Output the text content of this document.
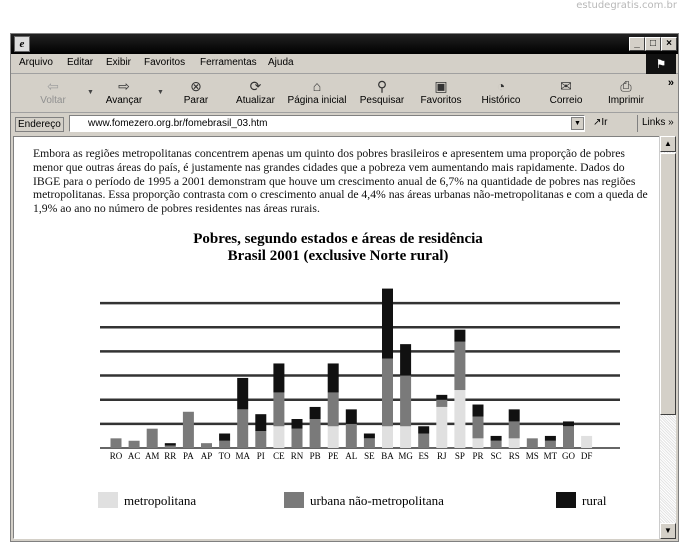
estudegratis.com.br
e	_	□	×
Arquivo Editar Exibir Favoritos Ferramentas Ajuda	⚑
⇦
Voltar
▼	⇨
Avançar
▼	⊗
Parar
⟳
Atualizar
⌂
Página inicial
⚲
Pesquisar
▣
Favoritos
◔
Histórico
✉
Correio
⎙
Imprimir
»
Endereço	www.fomezero.org.br/fomebrasil_03.htm	▼	↗Ir	Links »
Embora as regiões metropolitanas concentrem apenas um quinto dos pobres brasileiros e apresentem uma proporção de pobres menor que outras áreas do país, é justamente nas grandes cidades que a pobreza vem aumentando mais rapidamente. Dados do IBGE para o período de 1995 a 2001 demonstram que houve um crescimento anual de 6,7% na quantidade de pobres nas regiões metropolitanas. Essa proporção contrasta com o crescimento anual de 4,4% nas áreas urbanas não-metropolitanas e com a queda de 1,9% ao ano no número de pobres residentes nas áreas rurais.
Pobres, segundo estados e áreas de residência
Brasil 2001 (exclusive Norte rural)
RO AC AM RR PA AP TO MA PI CE RN PB PE AL SE BA MG ES RJ SP PR SC RS MS MT GO DF
metropolitana	urbana não-metropolitana	rural
▲
▼
